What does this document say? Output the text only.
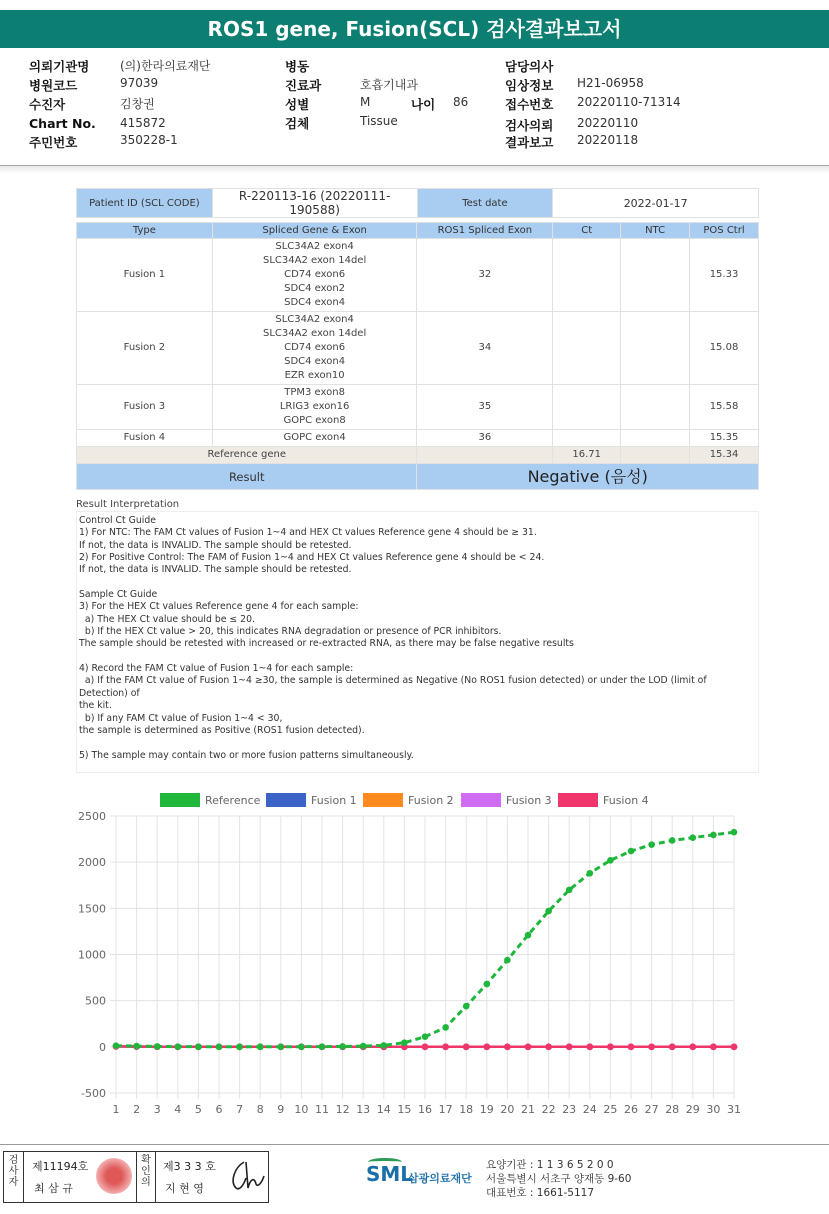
ROS1 gene, Fusion(SCL) 검사결과보고서
의뢰기관명	(의)한라의료재단
병원코드	97039
수진자	김창권
Chart No. 415872
주민번호	350228-1
병동
진료과	호흡기내과
성별	M	나이 86
검체	Tissue
담당의사
임상정보 H21-06958
접수번호 20220110-71314
검사의뢰 20220110
결과보고 20220118
Patient ID (SCL CODE)	R-220113-16 (20220111-190588)	Test date	2022-01-17
Type	Spliced Gene & Exon	ROS1 Spliced Exon	Ct	NTC	POS Ctrl
Fusion 1	SLC34A2 exon4
SLC34A2 exon 14del
CD74 exon6
SDC4 exon2
SDC4 exon4	32			15.33
Fusion 2	SLC34A2 exon4
SLC34A2 exon 14del
CD74 exon6
SDC4 exon4
EZR exon10	34			15.08
Fusion 3	TPM3 exon8
LRIG3 exon16
GOPC exon8	35			15.58
Fusion 4	GOPC exon4	36			15.35
Reference gene			16.71		15.34
Result		Negative (음성)			
Result Interpretation

Control Ct Guide

1) For NTC: The FAM Ct values of Fusion 1~4 and HEX Ct values Reference gene 4 should be ≥ 31.

If not, the data is INVALID. The sample should be retested.

2) For Positive Control: The FAM of Fusion 1~4 and HEX Ct values Reference gene 4 should be < 24.

If not, the data is INVALID. The sample should be retested.

Sample Ct Guide

3) For the HEX Ct values Reference gene 4 for each sample:

a) The HEX Ct value should be ≤ 20.

b) If the HEX Ct value > 20, this indicates RNA degradation or presence of PCR inhibitors.

The sample should be retested with increased or re-extracted RNA, as there may be false negative results

4) Record the FAM Ct value of Fusion 1~4 for each sample:

a) If the FAM Ct value of Fusion 1~4 ≥30, the sample is determined as Negative (No ROS1 fusion detected) or under the LOD (limit of Detection) of

the kit.

b) If any FAM Ct value of Fusion 1~4 < 30,

the sample is determined as Positive (ROS1 fusion detected).

5) The sample may contain two or more fusion patterns simultaneously.

Reference	Fusion 1	Fusion 2	Fusion 3	Fusion 4
-500
0
500
1000
1500
2000
2500
1 2 3 4 5 6 7 8 9 10 11 12 13 14 15 16 17 18 19 20 21 22 23 24 25 26 27 28 29 30 31
검
사
자
제11194호
최 삼 규
확
인
의
제3 3 3 호
지 현 영
SML
삼광의료재단
요양기관 : 1 1 3 6 5 2 0 0
서울특별시 서초구 양재동 9-60
대표번호 : 1661-5117
